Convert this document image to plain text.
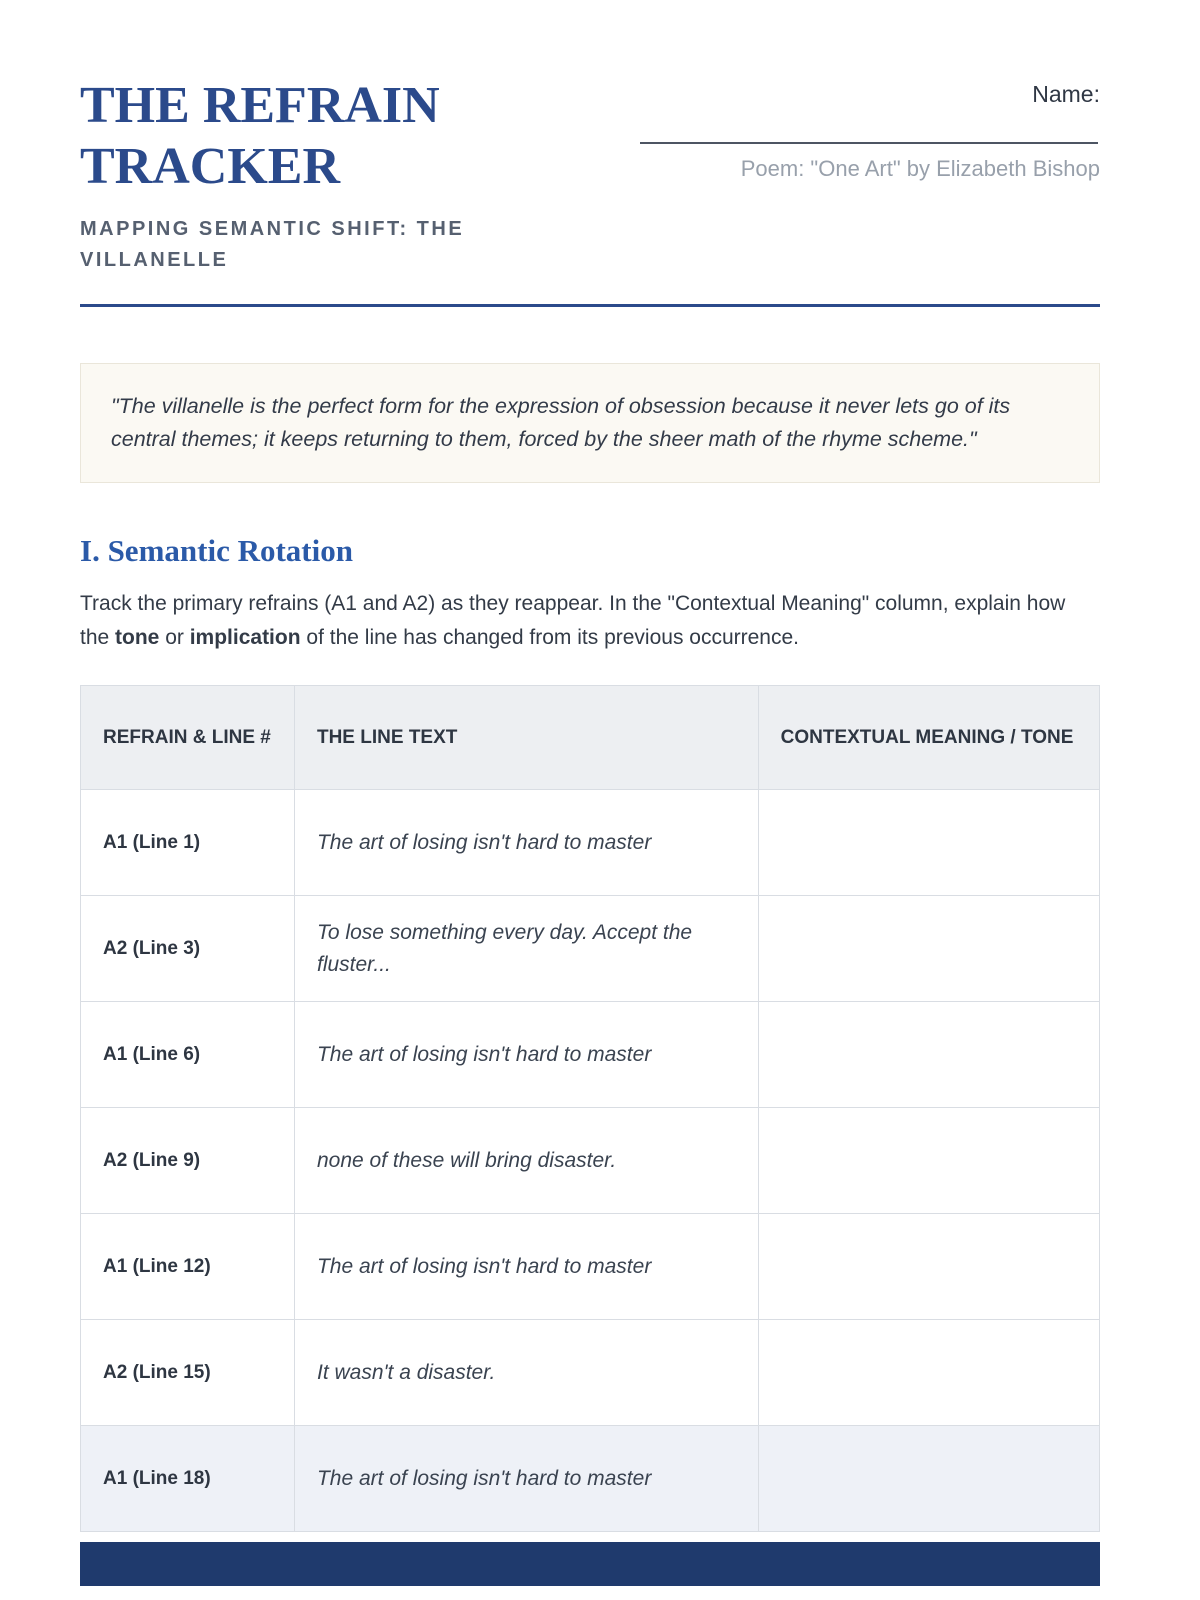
THE REFRAIN TRACKER
MAPPING SEMANTIC SHIFT: THE VILLANELLE
Name:
Poem: "One Art" by Elizabeth Bishop

"The villanelle is the perfect form for the expression of obsession because it never lets go of its central themes; it keeps returning to them, forced by the sheer math of the rhyme scheme."

I. Semantic Rotation

Track the primary refrains (A1 and A2) as they reappear. In the "Contextual Meaning" column, explain how the tone or implication of the line has changed from its previous occurrence.

REFRAIN & LINE #	THE LINE TEXT	CONTEXTUAL MEANING / TONE
A1 (Line 1)	The art of losing isn't hard to master	
A2 (Line 3)	To lose something every day. Accept the fluster...	
A1 (Line 6)	The art of losing isn't hard to master	
A2 (Line 9)	none of these will bring disaster.	
A1 (Line 12)	The art of losing isn't hard to master	
A2 (Line 15)	It wasn't a disaster.	
A1 (Line 18)	The art of losing isn't hard to master	
